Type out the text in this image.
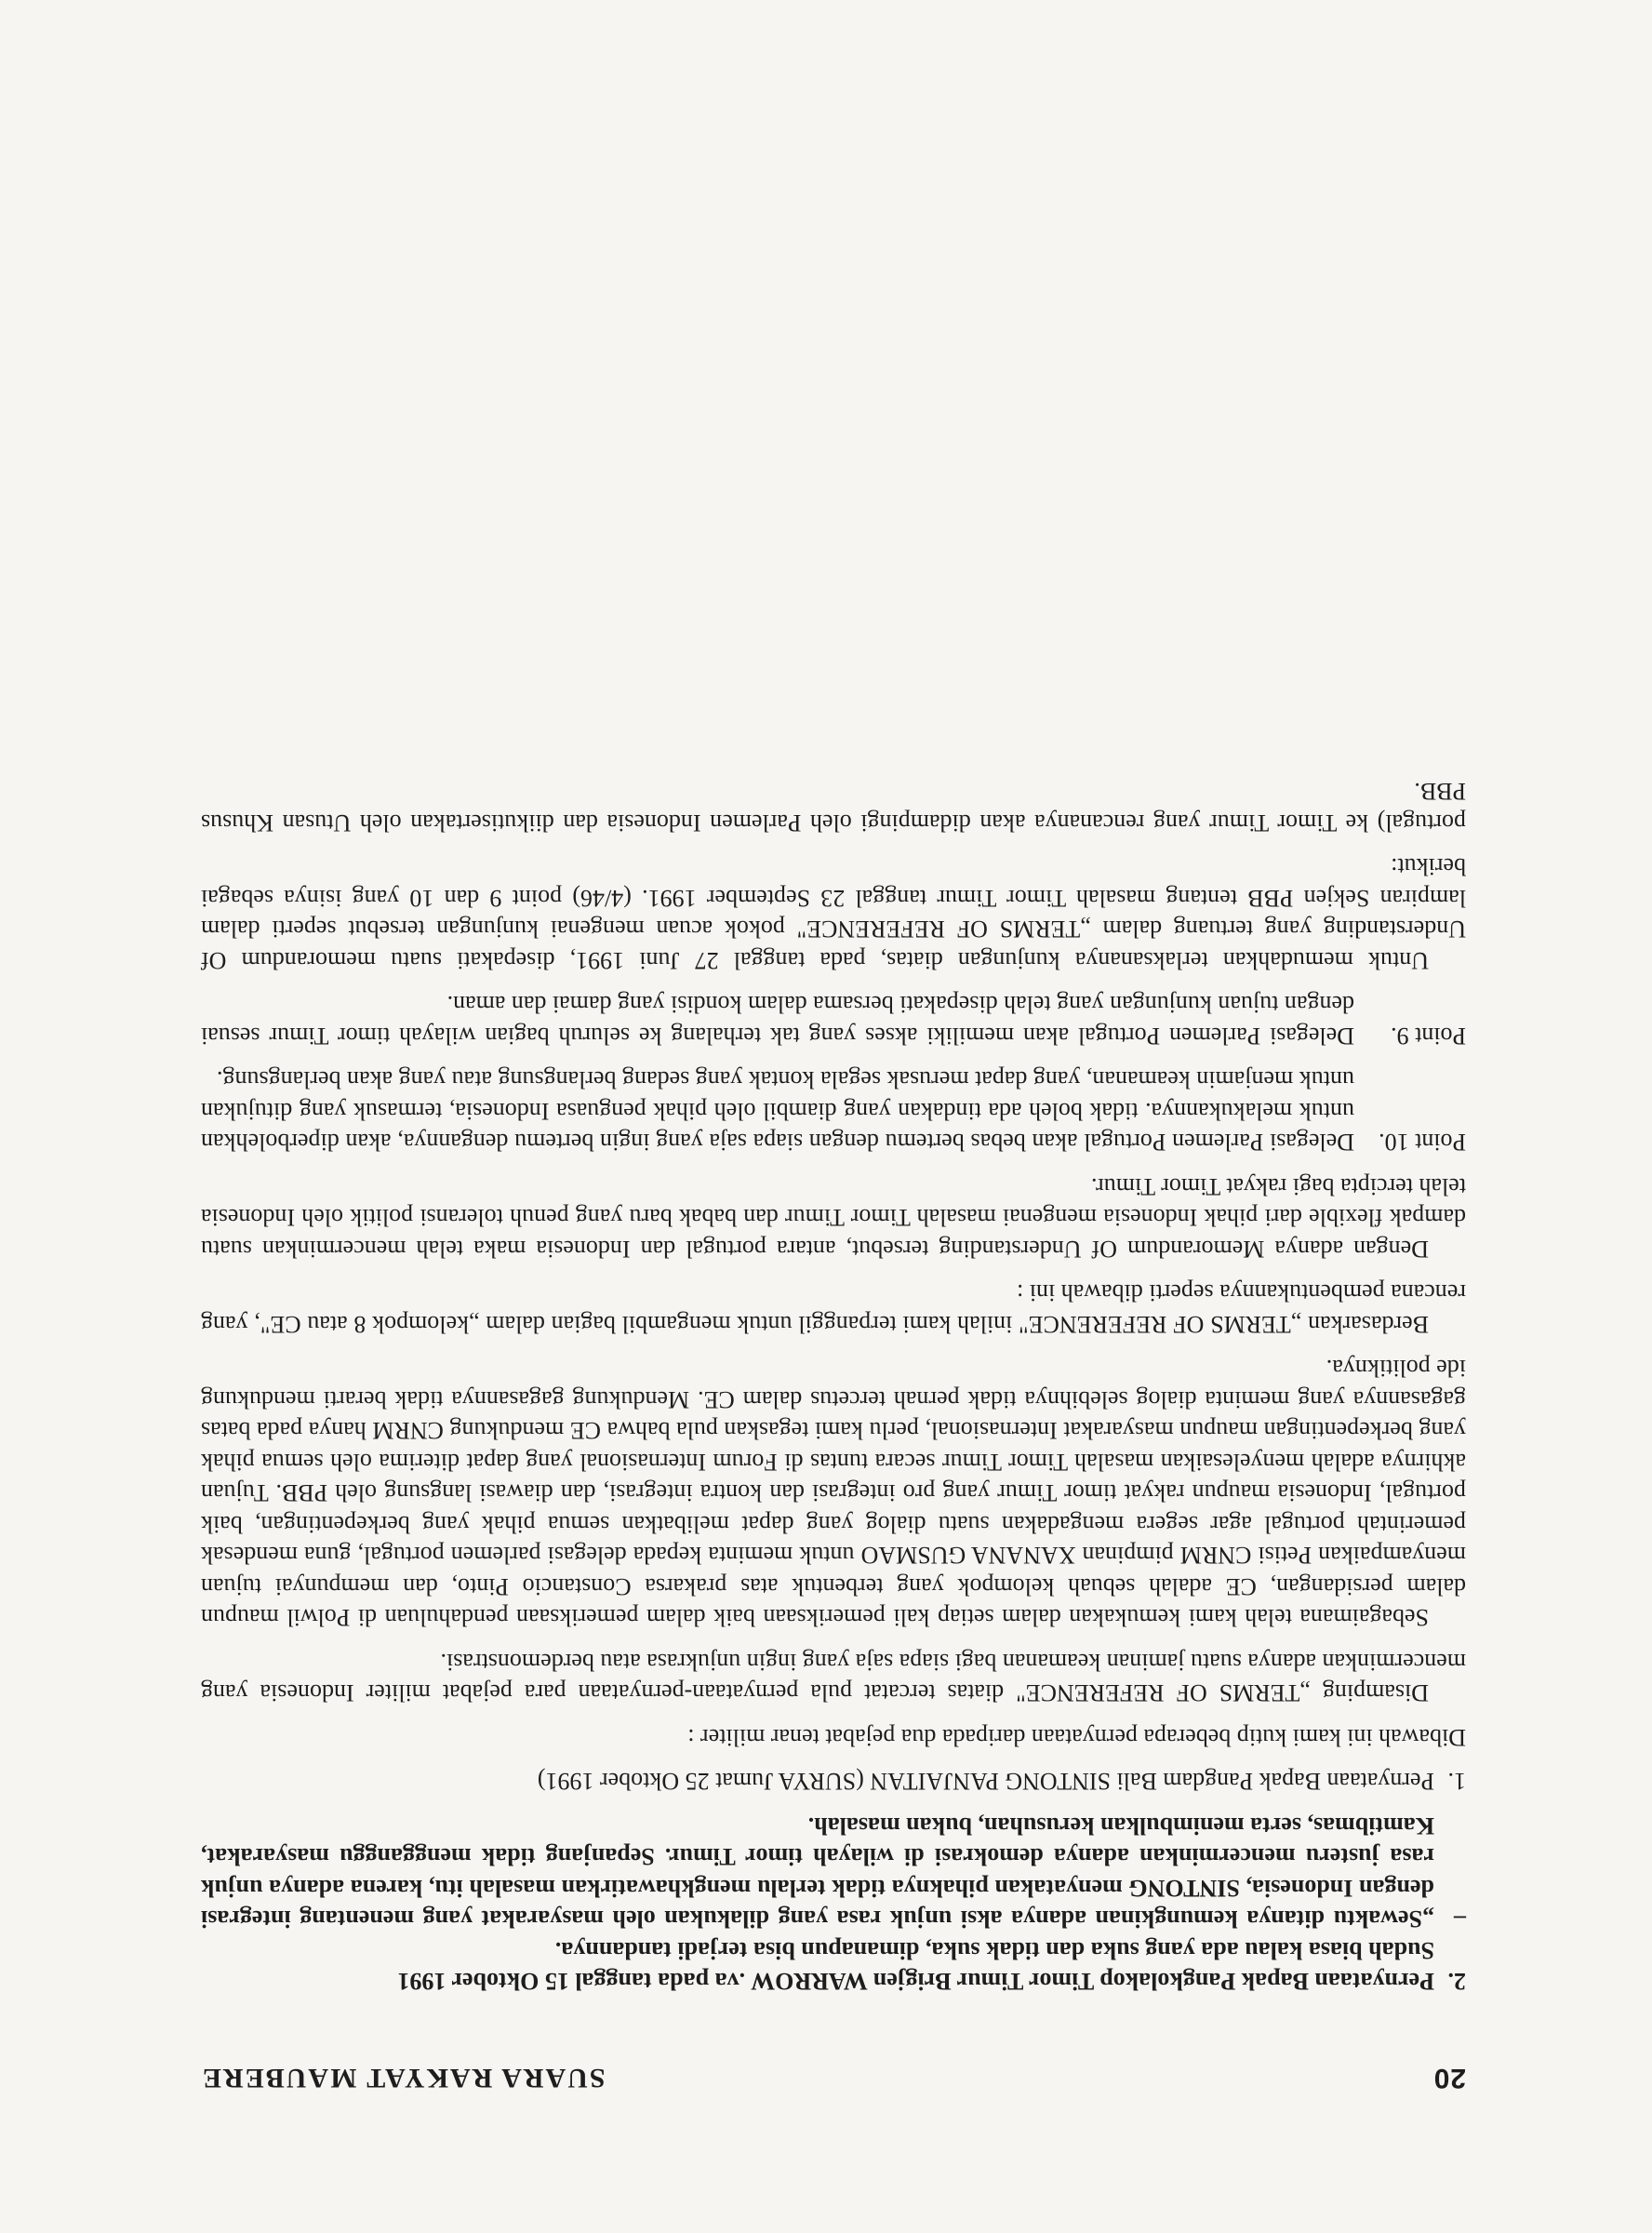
20
SUARA RAKYAT MAUBERE
2.
Pernyataan Bapak Pangkolakop Timor Timur Brigjen WARROW .va pada tanggal 15 Oktober 1991

Sudah biasa kalau ada yang suka dan tidak suka, dimanapun bisa terjadi tandannya.

–
„Sewaktu ditanya kemungkinan adanya aksi unjuk rasa yang dilakukan oleh masyarakat yang menentang integrasi dengan Indonesia, SINTONG menyatakan pihaknya tidak terlalu mengkhawatirkan masalah itu, karena adanya unjuk rasa justeru mencerminkan adanya demokrasi di wilayah timor Timur. Sepanjang tidak mengganggu masyarakat, Kamtibmas, serta menimbulkan kerusuhan, bukan masalah.
1.
Pernyataan Bapak Pangdam Bali SINTONG PANJAITAN (SURYA Jumat 25 Oktober 1991)

Dibawah ini kami kutip beberapa pernyataan daripada dua pejabat tenar militer :

Disamping „TERMS OF REFERENCE" diatas tercatat pula pernyataan-pernyataan para pejabat militer Indonesia yang mencerminkan adanya suatu jaminan keamanan bagi siapa saja yang ingin unjukrasa atau berdemonstrasi.

Sebagaimana telah kami kemukakan dalam setiap kali pemeriksaan baik dalam pemeriksaan pendahuluan di Polwil maupun dalam persidangan, CE adalah sebuah kelompok yang terbentuk atas prakarsa Constancio Pinto, dan mempunyai tujuan menyampaikan Petisi CNRM pimpinan XANANA GUSMAO untuk meminta kepada delegasi parlemen portugal, guna mendesak pemerintah portugal agar segera mengadakan suatu dialog yang dapat melibatkan semua pihak yang berkepentingan, baik portugal, Indonesia maupun rakyat timor Timur yang pro integrasi dan kontra integrasi, dan diawasi langsung oleh PBB. Tujuan akhirnya adalah menyelesaikan masalah Timor Timur secara tuntas di Forum Internasional yang dapat diterima oleh semua pihak yang berkepentingan maupun masyarakat Internasional, perlu kami tegaskan pula bahwa CE mendukung CNRM hanya pada batas gagasannya yang meminta dialog selebihnya tidak pernah tercetus dalam CE. Mendukung gagasannya tidak berarti mendukung ide politiknya.

Berdasarkan „TERMS OF REFERENCE" inilah kami terpanggil untuk mengambil bagian dalam „kelompok 8 atau CE", yang rencana pembentukannya seperti dibawah ini :

Dengan adanya Memorandum Of Understanding tersebut, antara portugal dan Indonesia maka telah mencerminkan suatu dampak flexible dari pihak Indonesia mengenai masalah Timor Timur dan babak baru yang penuh toleransi politik oleh Indonesia telah tercipta bagi rakyat Timor Timur.

Point 10.
Delegasi Parlemen Portugal akan bebas bertemu dengan siapa saja yang ingin bertemu dengannya, akan diperbolehkan untuk melakukannya. tidak boleh ada tindakan yang diambil oleh pihak penguasa Indonesia, termasuk yang ditujukan untuk menjamin keamanan, yang dapat merusak segala kontak yang sedang berlangsung atau yang akan berlangsung.
Point 9.
Delegasi Parlemen Portugal akan memiliki akses yang tak terhalang ke seluruh bagian wilayah timor Timur sesuai dengan tujuan kunjungan yang telah disepakati bersama dalam kondisi yang damai dan aman.

Untuk memudahkan terlaksananya kunjungan diatas, pada tanggal 27 Juni 1991, disepakati suatu memorandum Of Understanding yang tertuang dalam „TERMS OF REFERENCE" pokok acuan mengenai kunjungan tersebut seperti dalam lampiran Sekjen PBB tentang masalah Timor Timur tanggal 23 September 1991. (4/46) point 9 dan 10 yang isinya sebagai berikut:

portugal) ke Timor Timur yang rencananya akan didampingi oleh Parlemen Indonesia dan diikutisertakan oleh Utusan Khusus PBB.
